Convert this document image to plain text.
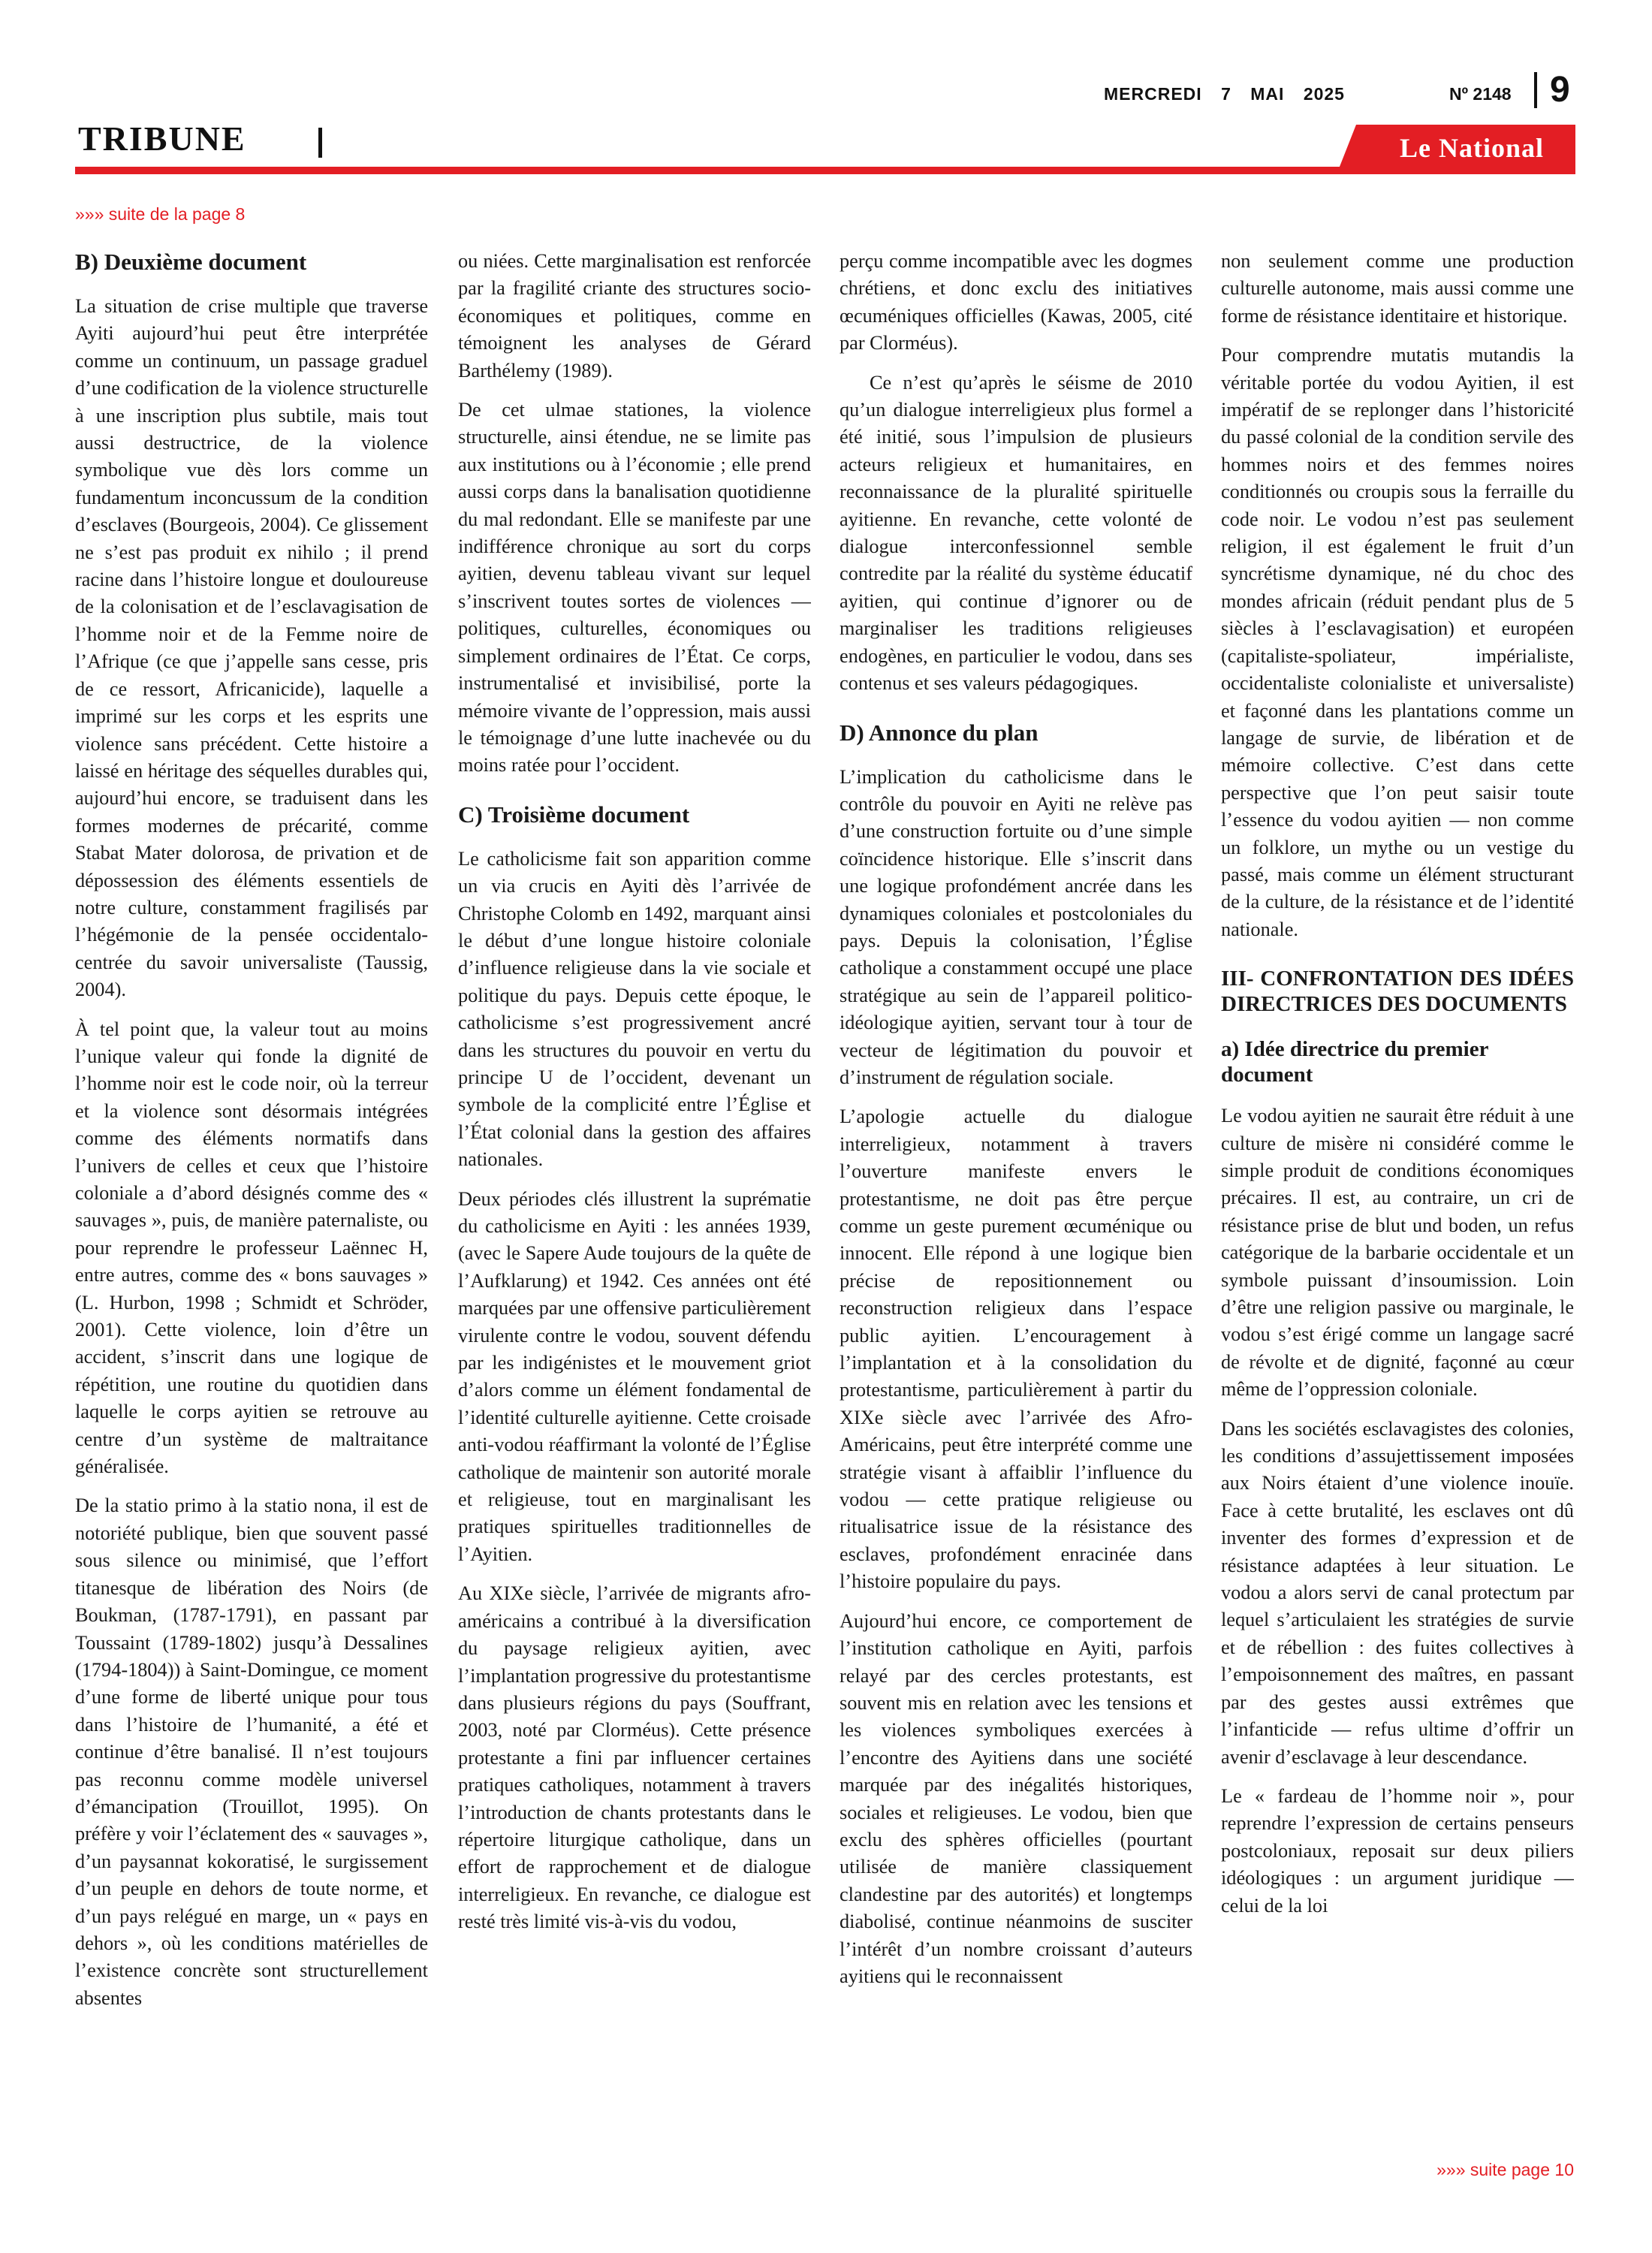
MERCREDI 7 MAI 2025	Nº 2148 9
TRIBUNE	Le National
»»» suite de la page 8
B) Deuxième document

La situation de crise multiple que traverse Ayiti aujourd’hui peut être interprétée comme un continuum, un passage graduel d’une codification de la violence structurelle à une inscription plus subtile, mais tout aussi destructrice, de la violence symbolique vue dès lors comme un fundamentum inconcussum de la condition d’esclaves (Bourgeois, 2004). Ce glissement ne s’est pas produit ex nihilo ; il prend racine dans l’histoire longue et douloureuse de la colonisation et de l’esclavagisation de l’homme noir et de la Femme noire de l’Afrique (ce que j’appelle sans cesse, pris de ce ressort, Africanicide), laquelle a imprimé sur les corps et les esprits une violence sans précédent. Cette histoire a laissé en héritage des séquelles durables qui, aujourd’hui encore, se traduisent dans les formes modernes de précarité, comme Stabat Mater dolorosa, de privation et de dépossession des éléments essentiels de notre culture, constamment fragilisés par l’hégémonie de la pensée occidentalo-centrée du savoir universaliste (Taussig, 2004).

À tel point que, la valeur tout au moins l’unique valeur qui fonde la dignité de l’homme noir est le code noir, où la terreur et la violence sont désormais intégrées comme des éléments normatifs dans l’univers de celles et ceux que l’histoire coloniale a d’abord désignés comme des « sauvages », puis, de manière paternaliste, ou pour reprendre le professeur Laënnec H, entre autres, comme des « bons sauvages » (L. Hurbon, 1998 ; Schmidt et Schröder, 2001). Cette violence, loin d’être un accident, s’inscrit dans une logique de répétition, une routine du quotidien dans laquelle le corps ayitien se retrouve au centre d’un système de maltraitance généralisée.

De la statio primo à la statio nona, il est de notoriété publique, bien que souvent passé sous silence ou minimisé, que l’effort titanesque de libération des Noirs (de Boukman, (1787-1791), en passant par Toussaint (1789-1802) jusqu’à Dessalines (1794-1804)) à Saint-Domingue, ce moment d’une forme de liberté unique pour tous dans l’histoire de l’humanité, a été et continue d’être banalisé. Il n’est toujours pas reconnu comme modèle universel d’émancipation (Trouillot, 1995). On préfère y voir l’éclatement des « sauvages », d’un paysannat kokoratisé, le surgissement d’un peuple en dehors de toute norme, et d’un pays relégué en marge, un « pays en dehors », où les conditions matérielles de l’existence concrète sont structurellement absentes

ou niées. Cette marginalisation est renforcée par la fragilité criante des structures socio-économiques et politiques, comme en témoignent les analyses de Gérard Barthélemy (1989).

De cet ulmae stationes, la violence structurelle, ainsi étendue, ne se limite pas aux institutions ou à l’économie ; elle prend aussi corps dans la banalisation quotidienne du mal redondant. Elle se manifeste par une indifférence chronique au sort du corps ayitien, devenu tableau vivant sur lequel s’inscrivent toutes sortes de violences — politiques, culturelles, économiques ou simplement ordinaires de l’État. Ce corps, instrumentalisé et invisibilisé, porte la mémoire vivante de l’oppression, mais aussi le témoignage d’une lutte inachevée ou du moins ratée pour l’occident.

C) Troisième document

Le catholicisme fait son apparition comme un via crucis en Ayiti dès l’arrivée de Christophe Colomb en 1492, marquant ainsi le début d’une longue histoire coloniale d’influence religieuse dans la vie sociale et politique du pays. Depuis cette époque, le catholicisme s’est progressivement ancré dans les structures du pouvoir en vertu du principe U de l’occident, devenant un symbole de la complicité entre l’Église et l’État colonial dans la gestion des affaires nationales.

Deux périodes clés illustrent la suprématie du catholicisme en Ayiti : les années 1939, (avec le Sapere Aude toujours de la quête de l’Aufklarung) et 1942. Ces années ont été marquées par une offensive particulièrement virulente contre le vodou, souvent défendu par les indigénistes et le mouvement griot d’alors comme un élément fondamental de l’identité culturelle ayitienne. Cette croisade anti-vodou réaffirmant la volonté de l’Église catholique de maintenir son autorité morale et religieuse, tout en marginalisant les pratiques spirituelles traditionnelles de l’Ayitien.

Au XIXe siècle, l’arrivée de migrants afro-américains a contribué à la diversification du paysage religieux ayitien, avec l’implantation progressive du protestantisme dans plusieurs régions du pays (Souffrant, 2003, noté par Clorméus). Cette présence protestante a fini par influencer certaines pratiques catholiques, notamment à travers l’introduction de chants protestants dans le répertoire liturgique catholique, dans un effort de rapprochement et de dialogue interreligieux. En revanche, ce dialogue est resté très limité vis-à-vis du vodou,

perçu comme incompatible avec les dogmes chrétiens, et donc exclu des initiatives œcuméniques officielles (Kawas, 2005, cité par Clorméus).

Ce n’est qu’après le séisme de 2010 qu’un dialogue interreligieux plus formel a été initié, sous l’impulsion de plusieurs acteurs religieux et humanitaires, en reconnaissance de la pluralité spirituelle ayitienne. En revanche, cette volonté de dialogue interconfessionnel semble contredite par la réalité du système éducatif ayitien, qui continue d’ignorer ou de marginaliser les traditions religieuses endogènes, en particulier le vodou, dans ses contenus et ses valeurs pédagogiques.

D) Annonce du plan

L’implication du catholicisme dans le contrôle du pouvoir en Ayiti ne relève pas d’une construction fortuite ou d’une simple coïncidence historique. Elle s’inscrit dans une logique profondément ancrée dans les dynamiques coloniales et postcoloniales du pays. Depuis la colonisation, l’Église catholique a constamment occupé une place stratégique au sein de l’appareil politico-idéologique ayitien, servant tour à tour de vecteur de légitimation du pouvoir et d’instrument de régulation sociale.

L’apologie actuelle du dialogue interreligieux, notamment à travers l’ouverture manifeste envers le protestantisme, ne doit pas être perçue comme un geste purement œcuménique ou innocent. Elle répond à une logique bien précise de repositionnement ou reconstruction religieux dans l’espace public ayitien. L’encouragement à l’implantation et à la consolidation du protestantisme, particulièrement à partir du XIXe siècle avec l’arrivée des Afro-Américains, peut être interprété comme une stratégie visant à affaiblir l’influence du vodou — cette pratique religieuse ou ritualisatrice issue de la résistance des esclaves, profondément enracinée dans l’histoire populaire du pays.

Aujourd’hui encore, ce comportement de l’institution catholique en Ayiti, parfois relayé par des cercles protestants, est souvent mis en relation avec les tensions et les violences symboliques exercées à l’encontre des Ayitiens dans une société marquée par des inégalités historiques, sociales et religieuses. Le vodou, bien que exclu des sphères officielles (pourtant utilisée de manière classiquement clandestine par des autorités) et longtemps diabolisé, continue néanmoins de susciter l’intérêt d’un nombre croissant d’auteurs ayitiens qui le reconnaissent

non seulement comme une production culturelle autonome, mais aussi comme une forme de résistance identitaire et historique.

Pour comprendre mutatis mutandis la véritable portée du vodou Ayitien, il est impératif de se replonger dans l’historicité du passé colonial de la condition servile des hommes noirs et des femmes noires conditionnés ou croupis sous la ferraille du code noir. Le vodou n’est pas seulement religion, il est également le fruit d’un syncrétisme dynamique, né du choc des mondes africain (réduit pendant plus de 5 siècles à l’esclavagisation) et européen (capitaliste-spoliateur, impérialiste, occidentaliste colonialiste et universaliste) et façonné dans les plantations comme un langage de survie, de libération et de mémoire collective. C’est dans cette perspective que l’on peut saisir toute l’essence du vodou ayitien — non comme un folklore, un mythe ou un vestige du passé, mais comme un élément structurant de la culture, de la résistance et de l’identité nationale.

III- CONFRONTATION DES IDÉES DIRECTRICES DES DOCUMENTS
a) Idée directrice du premier document

Le vodou ayitien ne saurait être réduit à une culture de misère ni considéré comme le simple produit de conditions économiques précaires. Il est, au contraire, un cri de résistance prise de blut und boden, un refus catégorique de la barbarie occidentale et un symbole puissant d’insoumission. Loin d’être une religion passive ou marginale, le vodou s’est érigé comme un langage sacré de révolte et de dignité, façonné au cœur même de l’oppression coloniale.

Dans les sociétés esclavagistes des colonies, les conditions d’assujettissement imposées aux Noirs étaient d’une violence inouïe. Face à cette brutalité, les esclaves ont dû inventer des formes d’expression et de résistance adaptées à leur situation. Le vodou a alors servi de canal protectum par lequel s’articulaient les stratégies de survie et de rébellion : des fuites collectives à l’empoisonnement des maîtres, en passant par des gestes aussi extrêmes que l’infanticide — refus ultime d’offrir un avenir d’esclavage à leur descendance.

Le « fardeau de l’homme noir », pour reprendre l’expression de certains penseurs postcoloniaux, reposait sur deux piliers idéologiques : un argument juridique — celui de la loi

»»» suite page 10
